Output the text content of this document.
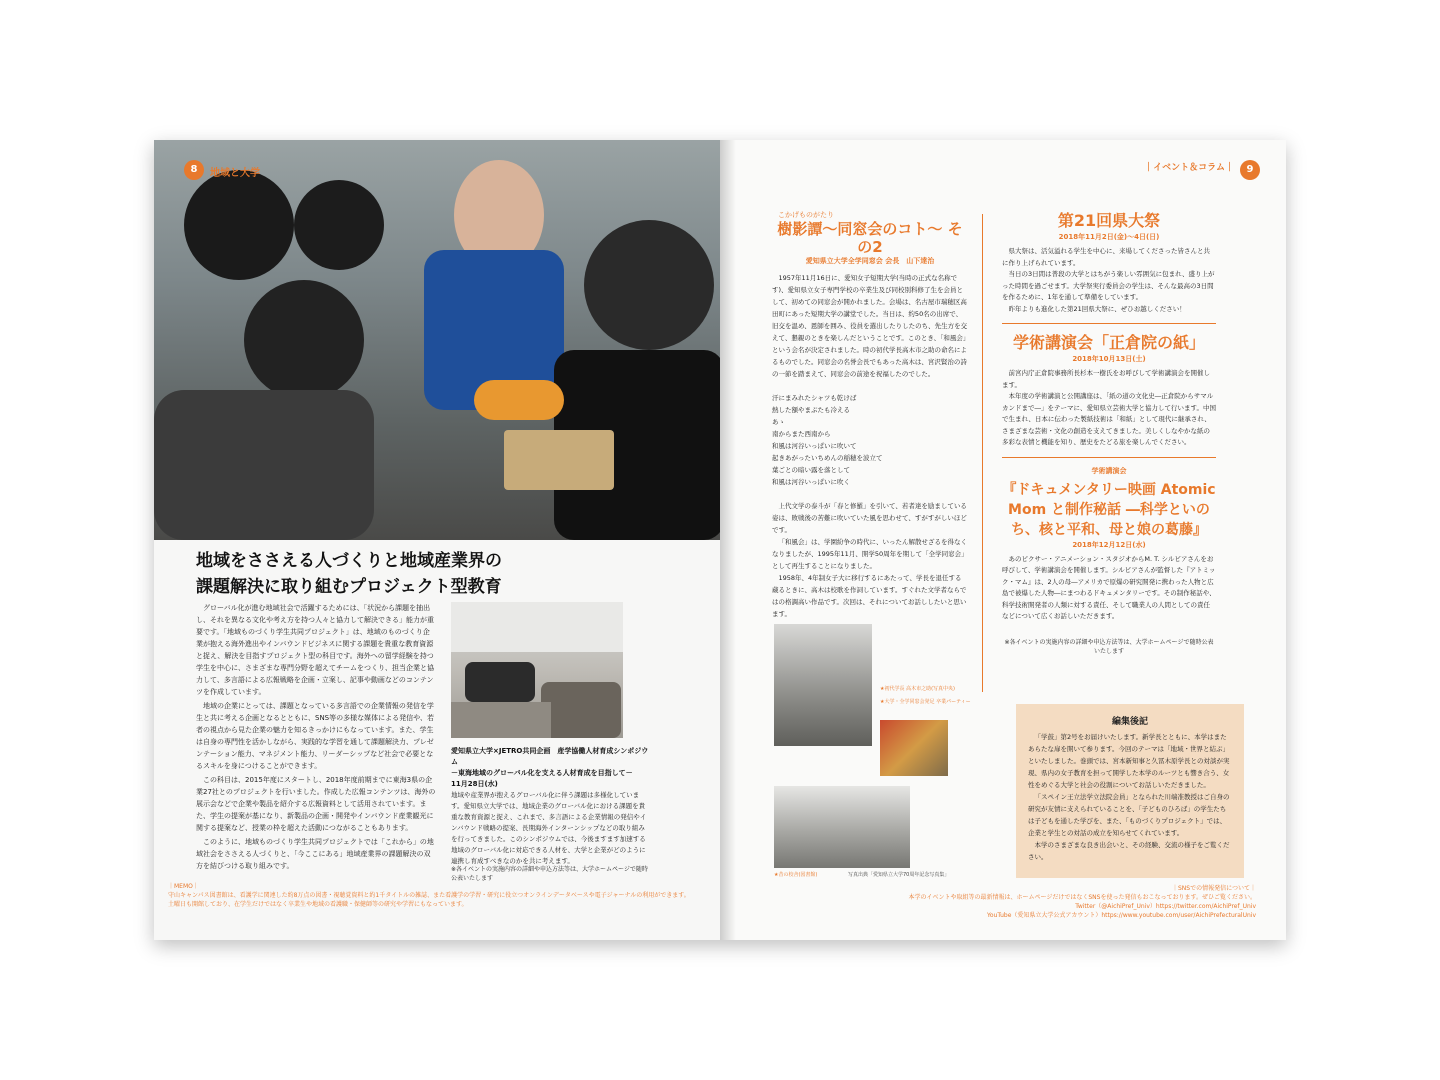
8	地域と大学
地域をささえる人づくりと地域産業界の
課題解決に取り組むプロジェクト型教育

グローバル化が進む地域社会で活躍するためには、「状況から課題を抽出し、それを異なる文化や考え方を持つ人々と協力して解決できる」能力が重要です。「地域ものづくり学生共同プロジェクト」は、地域のものづくり企業が抱える海外進出やインバウンドビジネスに関する課題を貴重な教育資源と捉え、解決を目指すプロジェクト型の科目です。海外への留学経験を持つ学生を中心に、さまざまな専門分野を超えてチームをつくり、担当企業と協力して、多言語による広報戦略を企画・立案し、記事や動画などのコンテンツを作成しています。

地域の企業にとっては、課題となっている多言語での企業情報の発信を学生と共に考える企画となるとともに、SNS等の多様な媒体による発信や、若者の視点から見た企業の魅力を知るきっかけにもなっています。また、学生は自身の専門性を活かしながら、実践的な学習を通して課題解決力、プレゼンテーション能力、マネジメント能力、リーダーシップなど社会で必要となるスキルを身につけることができます。

この科目は、2015年度にスタートし、2018年度前期までに東海3県の企業27社とのプロジェクトを行いました。作成した広報コンテンツは、海外の展示会などで企業や製品を紹介する広報資料として活用されています。また、学生の提案が基になり、新製品の企画・開発やインバウンド産業観光に関する提案など、授業の枠を超えた活動につながることもあります。

このように、地域ものづくり学生共同プロジェクトでは「これから」の地域社会をささえる人づくりと、「今ここにある」地域産業界の課題解決の双方を結びつける取り組みです。

愛知県立大学×JETRO共同企画　産学協働人材育成シンポジウム
－東海地域のグローバル化を支える人材育成を目指して－
11月28日(水)
地域や産業界が抱えるグローバル化に伴う課題は多様化しています。愛知県立大学では、地域企業のグローバル化における課題を貴重な教育資源と捉え、これまで、多言語による企業情報の発信やインバウンド戦略の提案、長期海外インターンシップなどの取り組みを行ってきました。このシンポジウムでは、今後ますます加速する地域のグローバル化に対応できる人材を、大学と企業がどのように連携し育成すべきなのかを共に考えます。
※各イベントの実施内容の詳細や申込方法等は、大学ホームページで随時公表いたします
｜MEMO｜
守山キャンパス図書館は、看護学に関連した約8万点の図書・視聴覚資料と約1千タイトルの雑誌、また看護学の学習・研究に役立つオンラインデータベースや電子ジャーナルの利用ができます。
土曜日も開館しており、在学生だけではなく卒業生や地域の看護職・保健師等の研究や学習にもなっています。
｜イベント＆コラム｜	9
こかげものがたり
樹影譚～同窓会のコト～ その2
愛知県立大学全学同窓会 会長　山下達治

1957年11月16日に、愛知女子短期大学(当時の正式な名称です)、愛知県立女子専門学校の卒業生及び同校別科修了生を会員として、初めての同窓会が開かれました。会場は、名古屋市瑞穂区高田町にあった短期大学の講堂でした。当日は、約50名の出席で、旧交を温め、恩師を囲み、役員を選出したりしたのち、先生方を交えて、懇親のときを楽しんだということです。このとき、「和風会」という会名が決定されました。時の初代学長高木市之助の命名によるものでした。同窓会の名誉会長でもあった高木は、宮沢賢治の詩の一節を踏まえて、同窓会の前途を祝福したのでした。

汗にまみれたシャツも乾けば
熱した額やまぶたも冷える
あゝ
南からまた西南から
和風は河谷いっぱいに吹いて
起きあがったいちめんの稲穂を波立て
葉ごとの暗い露を落として
和風は河谷いっぱいに吹く

上代文学の泰斗が「春と修羅」を引いて、若者達を励ましている姿は、敗戦後の苦難に吹いていた風を思わせて、すがすがしいほどです。

「和風会」は、学園紛争の時代に、いったん解散せざるを得なくなりましたが、1995年11月、開学50周年を期して「全学同窓会」として再生することになりました。

1958年、4年制女子大に移行するにあたって、学長を退任する蔵るときに、高木は校歌を作詞しています。すぐれた文学者ならではの格調高い作品です。次回は、それについてお話ししたいと思います。

★初代学長 高木市之助(写真中央)
★大学・全学同窓会発足 卒業パーティー
★昔の校舎(図書館)	写真出典「愛知県立大学70周年記念写真集」
第21回県大祭
2018年11月2日(金)～4日(日)

県大祭は、活気溢れる学生を中心に、来場してくださった皆さんと共に作り上げられています。

当日の3日間は普段の大学とはちがう楽しい雰囲気に包まれ、盛り上がった時間を過ごせます。大学祭実行委員会の学生は、そんな最高の3日間を作るために、1年を通して準備をしています。

昨年よりも進化した第21回県大祭に、ぜひお越しください！

学術講演会「正倉院の紙」
2018年10月13日(土)

前宮内庁正倉院事務所長杉本一樹氏をお呼びして学術講演会を開催します。

本年度の学術講演と公開講座は、「紙の道の文化史―正倉院からサマルカンドまで―」をテーマに、愛知県立芸術大学と協力して行います。中国で生まれ、日本に伝わった製紙技術は「和紙」として現代に継承され、さまざまな芸術・文化の創造を支えてきました。美しくしなやかな紙の多彩な表情と機能を知り、歴史をたどる旅を楽しんでください。

学術講演会
『ドキュメンタリー映画 Atomic Mom と制作秘話 ―科学といのち、核と平和、母と娘の葛藤』
2018年12月12日(水)

あのピクサー・アニメーション・スタジオからM. T. シルビアさんをお呼びして、学術講演会を開催します。シルビアさんが監督した『アトミック・マム』は、2人の母―アメリカで原爆の研究開発に携わった人物と広島で被爆した人物―にまつわるドキュメンタリーです。その制作秘話や、科学技術開発者の人類に対する責任、そして職業人の人間としての責任などについて広くお話しいただきます。

※各イベントの実施内容の詳細や申込方法等は、大学ホームページで随時公表いたします
編集後記

「学鼓」第2号をお届けいたします。新学長とともに、本学はまたあらたな扉を開いて参ります。今回のテーマは「地域・世界と結ぶ」といたしました。巻頭では、宮本新知事と久冨木原学長との対談が実現、県内の女子教育を担って開学した本学のルーツとも響き合う、女性をめぐる大学と社会の役割についてお話しいただきました。

「スペイン王立法学立法院会員」となられた川端准教授はご自身の研究が友情に支えられていることを、「子どものひろば」の学生たちは子どもを通した学びを、また、「ものづくりプロジェクト」では、企業と学生との対話の成立を知らせてくれています。

本学のさまざまな良き出会いと、その経験、交流の様子をご覧ください。

｜SNSでの情報発信について｜
本学のイベントや取組等の最新情報は、ホームページだけではなくSNSを使った発信もおこなっております。ぜひご覧ください。
Twitter（@AichiPref_Univ）https://twitter.com/AichiPref_Univ
YouTube（愛知県立大学公式アカウント）https://www.youtube.com/user/AichiPrefecturalUniv
